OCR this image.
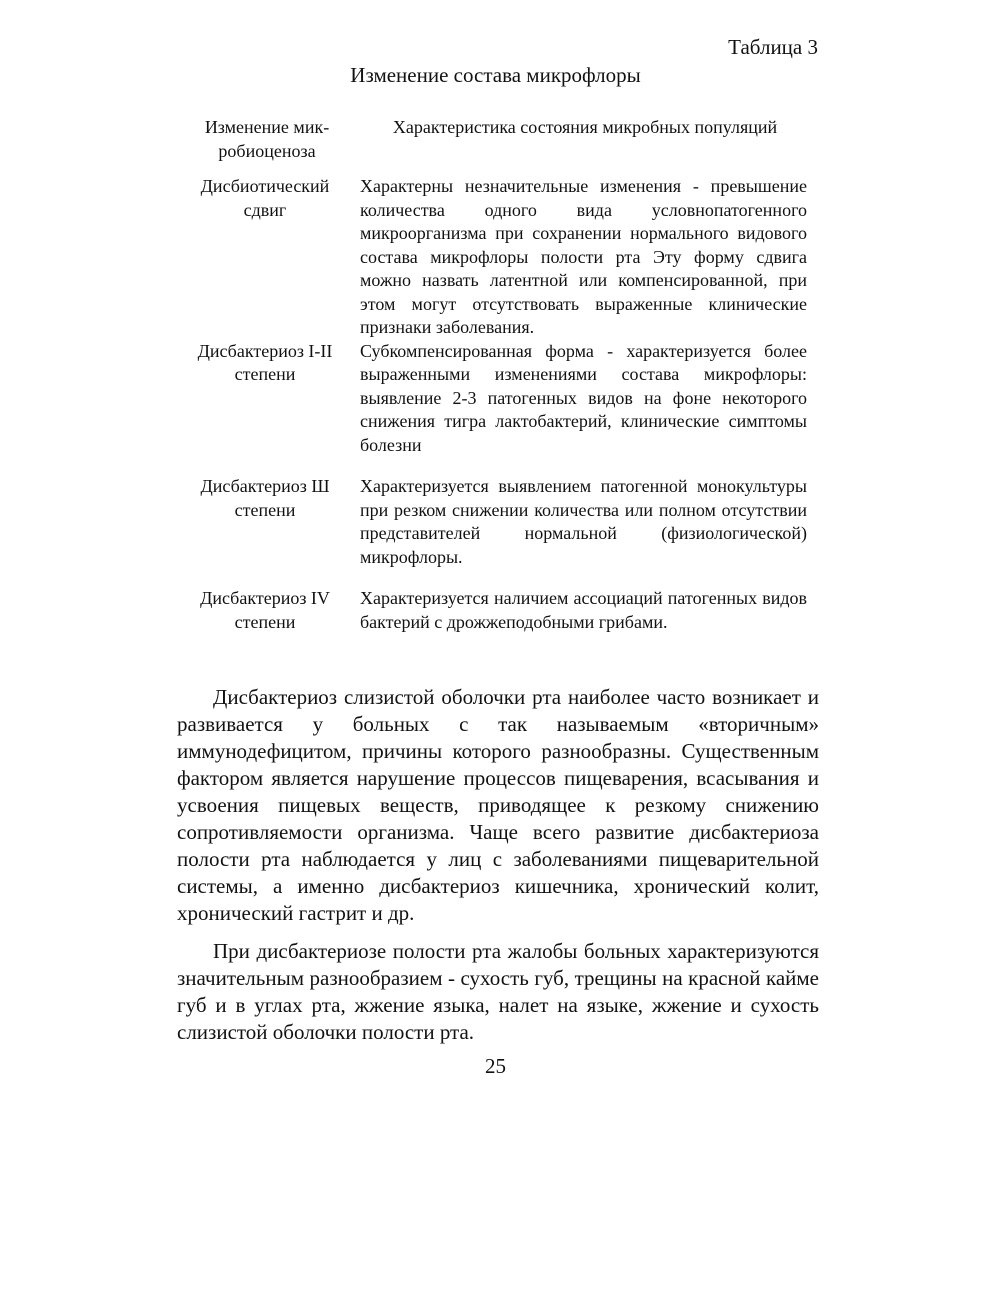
Таблица 3
Изменение состава микрофлоры
Изменение мик-робиоценоза	Характеристика состояния микробных популяций
Дисбиотический сдвиг	Характерны незначительные изменения - превышение количества одного вида условнопатогенного микроорганизма при сохранении нормального видового состава микрофлоры полости рта Эту форму сдвига можно назвать латентной или компенсированной, при этом могут отсутствовать выраженные клинические признаки заболевания.
Дисбактериоз I-II степени	Субкомпенсированная форма - характеризуется более выраженными изменениями состава микрофлоры: выявление 2-3 патогенных видов на фоне некоторого снижения тигра лактобактерий, клинические симптомы болезни
Дисбактериоз Ш степени	Характеризуется выявлением патогенной монокультуры при резком снижении количества или полном отсутствии представителей нормальной (физиологической) микрофлоры.
Дисбактериоз IV степени	Характеризуется наличием ассоциаций патогенных видов бактерий с дрожжеподобными грибами.

Дисбактериоз слизистой оболочки рта наиболее часто возникает и развивается у больных с так называемым «вторичным» иммунодефицитом, причины которого разнообразны. Существенным фактором является нарушение процессов пищеварения, всасывания и усвоения пищевых веществ, приводящее к резкому снижению сопротивляемости организма. Чаще всего развитие дисбактериоза полости рта наблюдается у лиц с заболеваниями пищеварительной системы, а именно дисбактериоз кишечника, хронический колит, хронический гастрит и др.

При дисбактериозе полости рта жалобы больных характеризуются значительным разнообразием - сухость губ, трещины на красной кайме губ и в углах рта, жжение языка, налет на языке, жжение и сухость слизистой оболочки полости рта.

25
